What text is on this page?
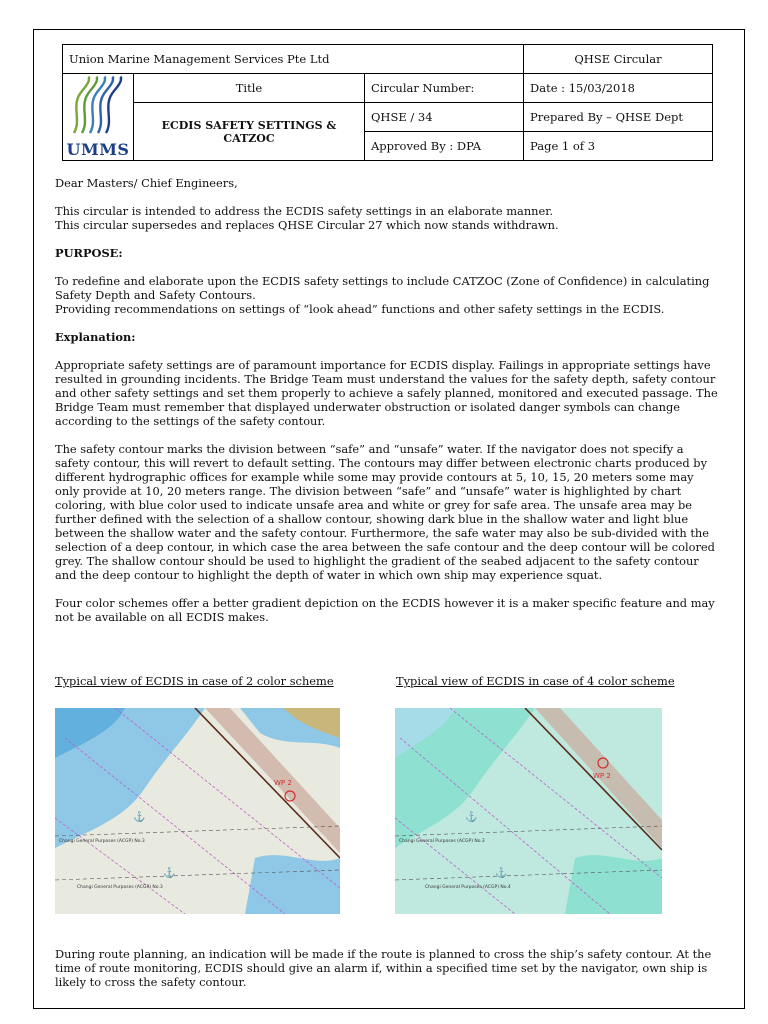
Union Marine Management Services Pte Ltd			QHSE Circular

UMMS	Title	Circular Number:	Date : 15/03/2018
	ECDIS SAFETY SETTINGS & CATZOC	QHSE / 34	Prepared By – QHSE Dept
		Approved By : DPA	Page 1 of 3

Dear Masters/ Chief Engineers,

This circular is intended to address the ECDIS safety settings in an elaborate manner.
This circular supersedes and replaces QHSE Circular 27 which now stands withdrawn.

PURPOSE:

To redefine and elaborate upon the ECDIS safety settings to include CATZOC (Zone of Confidence) in calculating Safety Depth and Safety Contours.
Providing recommendations on settings of “look ahead” functions and other safety settings in the ECDIS.

Explanation:

Appropriate safety settings are of paramount importance for ECDIS display. Failings in appropriate settings have resulted in grounding incidents. The Bridge Team must understand the values for the safety depth, safety contour and other safety settings and set them properly to achieve a safely planned, monitored and executed passage. The Bridge Team must remember that displayed underwater obstruction or isolated danger symbols can change according to the settings of the safety contour.

The safety contour marks the division between “safe” and “unsafe” water. If the navigator does not specify a safety contour, this will revert to default setting. The contours may differ between electronic charts produced by different hydrographic offices for example while some may provide contours at 5, 10, 15, 20 meters some may only provide at 10, 20 meters range. The division between “safe” and “unsafe” water is highlighted by chart coloring, with blue color used to indicate unsafe area and white or grey for safe area. The unsafe area may be further defined with the selection of a shallow contour, showing dark blue in the shallow water and light blue between the shallow water and the safety contour. Furthermore, the safe water may also be sub-divided with the selection of a deep contour, in which case the area between the safe contour and the deep contour will be colored grey. The shallow contour should be used to highlight the gradient of the seabed adjacent to the safety contour and the deep contour to highlight the depth of water in which own ship may experience squat.

Four color schemes offer a better gradient depiction on the ECDIS however it is a maker specific feature and may not be available on all ECDIS makes.

Typical view of ECDIS in case of 2 color scheme	Typical view of ECDIS in case of 4 color scheme
WP 2
Changi General Purposes (ACGP) No.3
Changi General Purposes (ACGP) No.3
⚓
⚓
WP 2
Changi General Purposes (ACGP) No.3
Changi General Purposes (ACGP) No.4
⚓
⚓
During route planning, an indication will be made if the route is planned to cross the ship’s safety contour. At the time of route monitoring, ECDIS should give an alarm if, within a specified time set by the navigator, own ship is likely to cross the safety contour.
